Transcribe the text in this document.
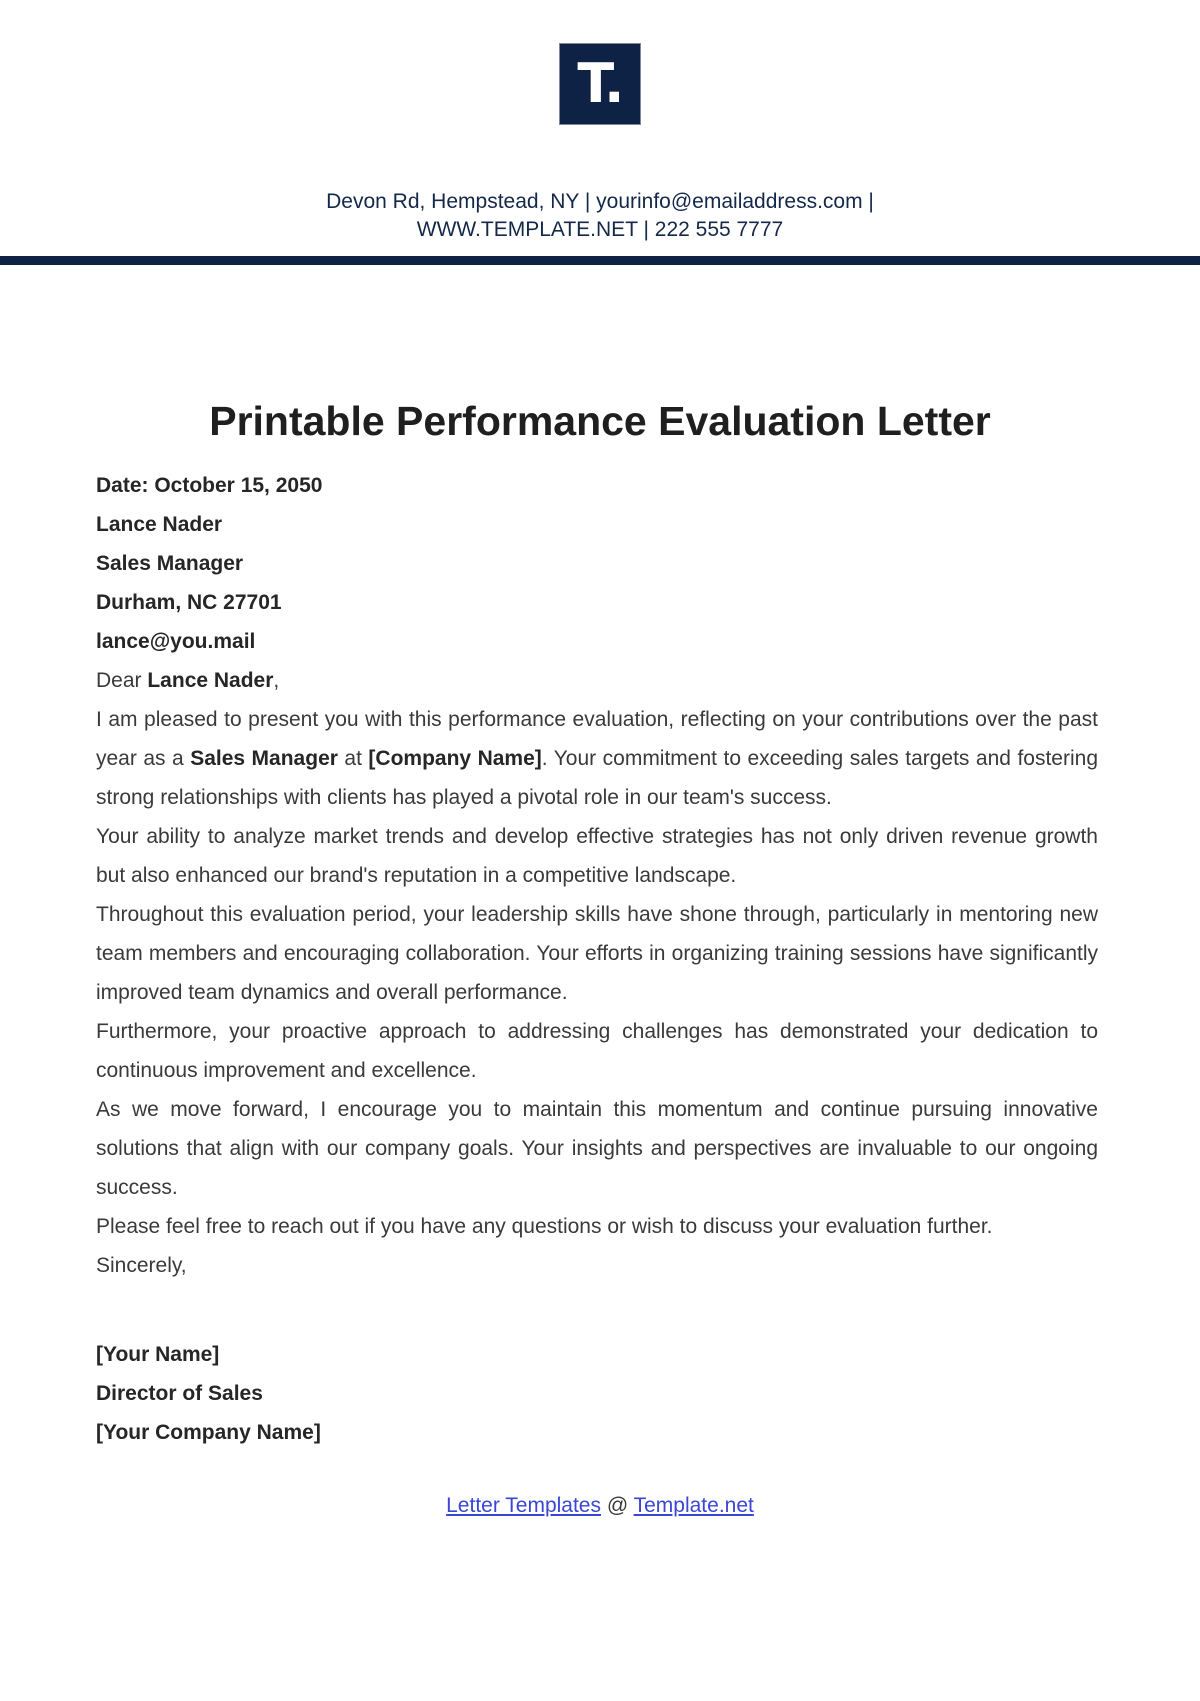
T.
Devon Rd, Hempstead, NY | yourinfo@emailaddress.com |
WWW.TEMPLATE.NET | 222 555 7777
Printable Performance Evaluation Letter

Date: October 15, 2050

Lance Nader

Sales Manager

Durham, NC 27701

lance@you.mail

Dear Lance Nader,

I am pleased to present you with this performance evaluation, reflecting on your contributions over the past year as a Sales Manager at [Company Name]. Your commitment to exceeding sales targets and fostering strong relationships with clients has played a pivotal role in our team's success.

Your ability to analyze market trends and develop effective strategies has not only driven revenue growth but also enhanced our brand's reputation in a competitive landscape.

Throughout this evaluation period, your leadership skills have shone through, particularly in mentoring new team members and encouraging collaboration. Your efforts in organizing training sessions have significantly improved team dynamics and overall performance.

Furthermore, your proactive approach to addressing challenges has demonstrated your dedication to continuous improvement and excellence.

As we move forward, I encourage you to maintain this momentum and continue pursuing innovative solutions that align with our company goals. Your insights and perspectives are invaluable to our ongoing success.

Please feel free to reach out if you have any questions or wish to discuss your evaluation further.

Sincerely,

[Your Name]

Director of Sales

[Your Company Name]

Letter Templates @ Template.net
